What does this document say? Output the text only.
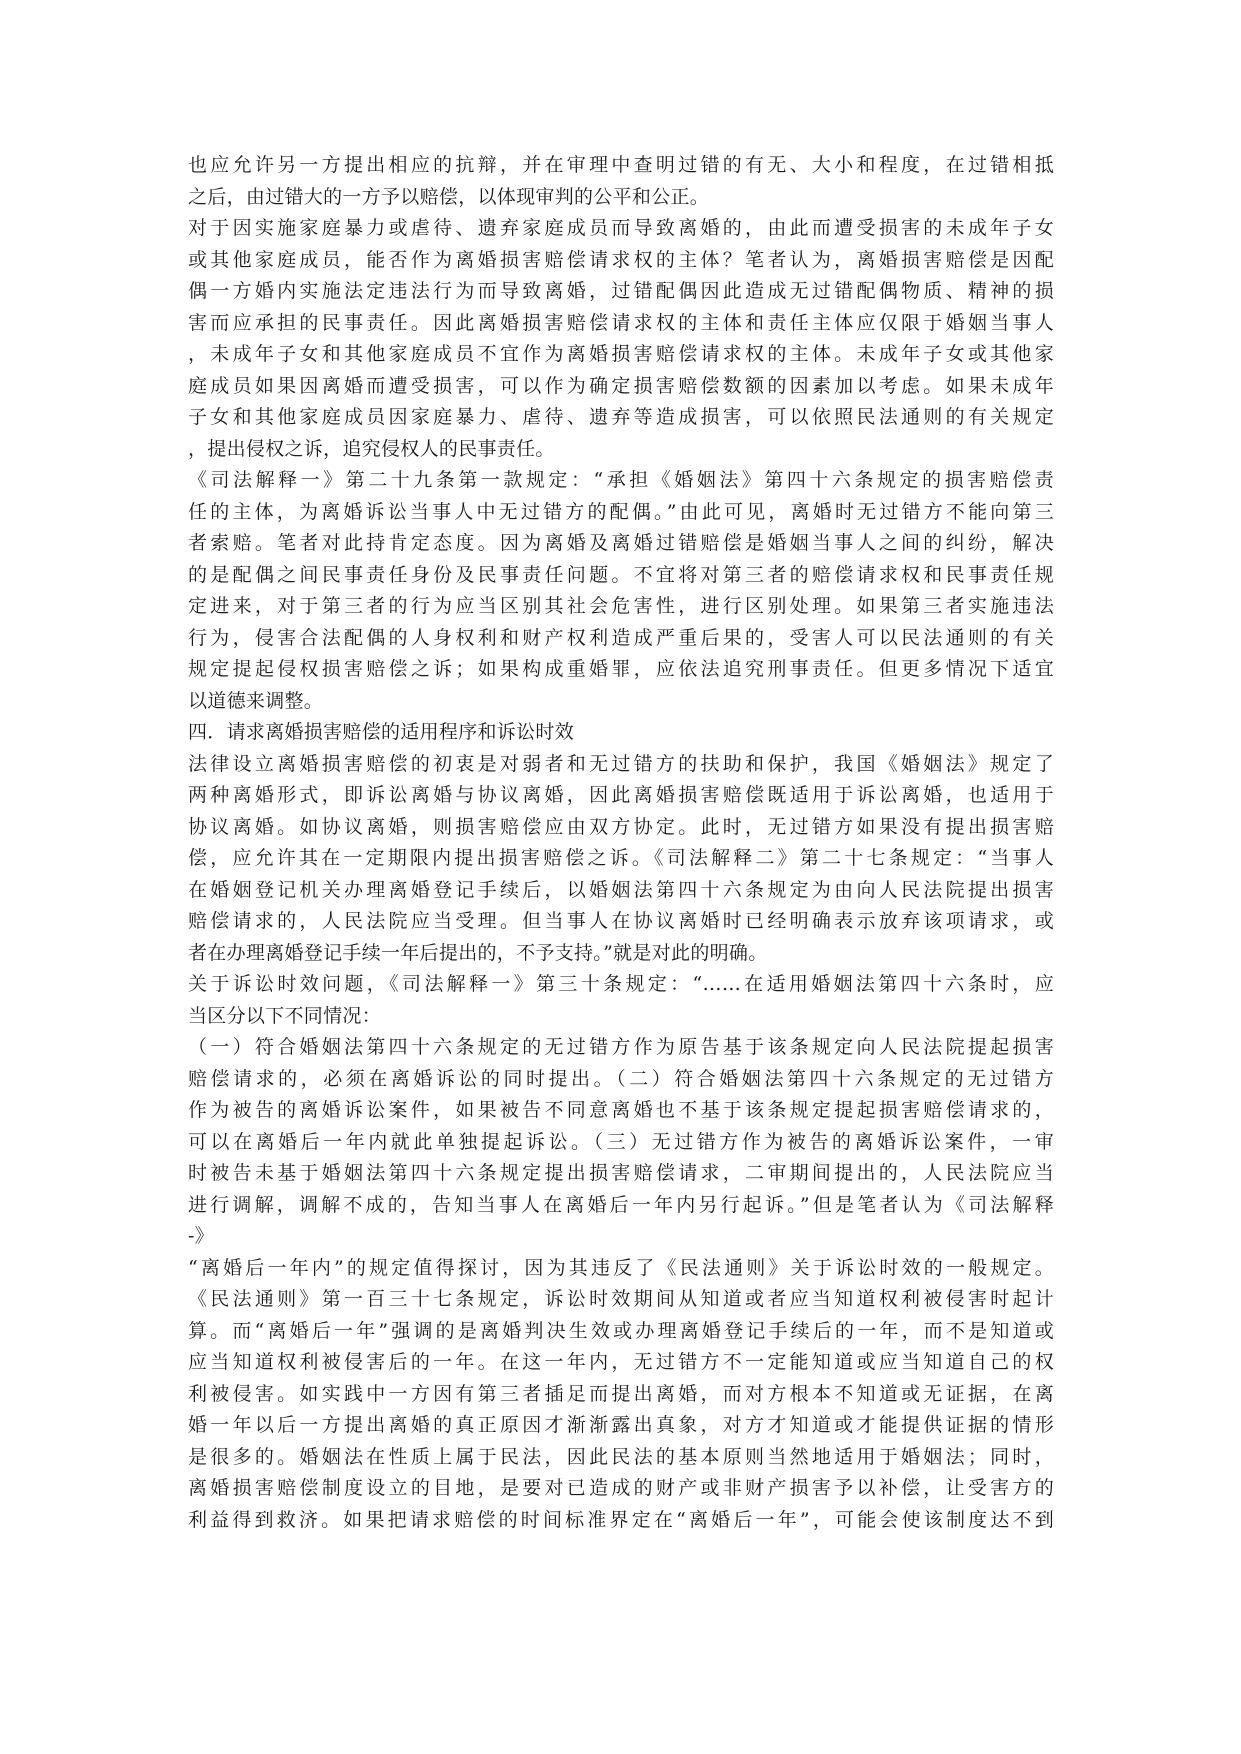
也应允许另一方提出相应的抗辩，并在审理中查明过错的有无、大小和程度，在过错相抵
之后，由过错大的一方予以赔偿，以体现审判的公平和公正。
对于因实施家庭暴力或虐待、遗弃家庭成员而导致离婚的，由此而遭受损害的未成年子女
或其他家庭成员，能否作为离婚损害赔偿请求权的主体？笔者认为，离婚损害赔偿是因配
偶一方婚内实施法定违法行为而导致离婚，过错配偶因此造成无过错配偶物质、精神的损
害而应承担的民事责任。因此离婚损害赔偿请求权的主体和责任主体应仅限于婚姻当事人
，未成年子女和其他家庭成员不宜作为离婚损害赔偿请求权的主体。未成年子女或其他家
庭成员如果因离婚而遭受损害，可以作为确定损害赔偿数额的因素加以考虑。如果未成年
子女和其他家庭成员因家庭暴力、虐待、遗弃等造成损害，可以依照民法通则的有关规定
，提出侵权之诉，追究侵权人的民事责任。
《司法解释一》第二十九条第一款规定：“承担《婚姻法》第四十六条规定的损害赔偿责
任的主体，为离婚诉讼当事人中无过错方的配偶。”由此可见，离婚时无过错方不能向第三
者索赔。笔者对此持肯定态度。因为离婚及离婚过错赔偿是婚姻当事人之间的纠纷，解决
的是配偶之间民事责任身份及民事责任问题。不宜将对第三者的赔偿请求权和民事责任规
定进来，对于第三者的行为应当区别其社会危害性，进行区别处理。如果第三者实施违法
行为，侵害合法配偶的人身权利和财产权利造成严重后果的，受害人可以民法通则的有关
规定提起侵权损害赔偿之诉；如果构成重婚罪，应依法追究刑事责任。但更多情况下适宜
以道德来调整。
四．请求离婚损害赔偿的适用程序和诉讼时效
法律设立离婚损害赔偿的初衷是对弱者和无过错方的扶助和保护，我国《婚姻法》规定了
两种离婚形式，即诉讼离婚与协议离婚，因此离婚损害赔偿既适用于诉讼离婚，也适用于
协议离婚。如协议离婚，则损害赔偿应由双方协定。此时，无过错方如果没有提出损害赔
偿，应允许其在一定期限内提出损害赔偿之诉。《司法解释二》第二十七条规定：“当事人
在婚姻登记机关办理离婚登记手续后，以婚姻法第四十六条规定为由向人民法院提出损害
赔偿请求的，人民法院应当受理。但当事人在协议离婚时已经明确表示放弃该项请求，或
者在办理离婚登记手续一年后提出的，不予支持。”就是对此的明确。
关于诉讼时效问题，《司法解释一》第三十条规定：“……在适用婚姻法第四十六条时，应
当区分以下不同情况：
（一）符合婚姻法第四十六条规定的无过错方作为原告基于该条规定向人民法院提起损害
赔偿请求的，必须在离婚诉讼的同时提出。（二）符合婚姻法第四十六条规定的无过错方
作为被告的离婚诉讼案件，如果被告不同意离婚也不基于该条规定提起损害赔偿请求的，
可以在离婚后一年内就此单独提起诉讼。（三）无过错方作为被告的离婚诉讼案件，一审
时被告未基于婚姻法第四十六条规定提出损害赔偿请求，二审期间提出的，人民法院应当
进行调解，调解不成的，告知当事人在离婚后一年内另行起诉。”但是笔者认为《司法解释
-》
“离婚后一年内”的规定值得探讨，因为其违反了《民法通则》关于诉讼时效的一般规定。
《民法通则》第一百三十七条规定，诉讼时效期间从知道或者应当知道权利被侵害时起计
算。而“离婚后一年”强调的是离婚判决生效或办理离婚登记手续后的一年，而不是知道或
应当知道权利被侵害后的一年。在这一年内，无过错方不一定能知道或应当知道自己的权
利被侵害。如实践中一方因有第三者插足而提出离婚，而对方根本不知道或无证据，在离
婚一年以后一方提出离婚的真正原因才渐渐露出真象，对方才知道或才能提供证据的情形
是很多的。婚姻法在性质上属于民法，因此民法的基本原则当然地适用于婚姻法；同时，
离婚损害赔偿制度设立的目地，是要对已造成的财产或非财产损害予以补偿，让受害方的
利益得到救济。如果把请求赔偿的时间标准界定在“离婚后一年”，可能会使该制度达不到
